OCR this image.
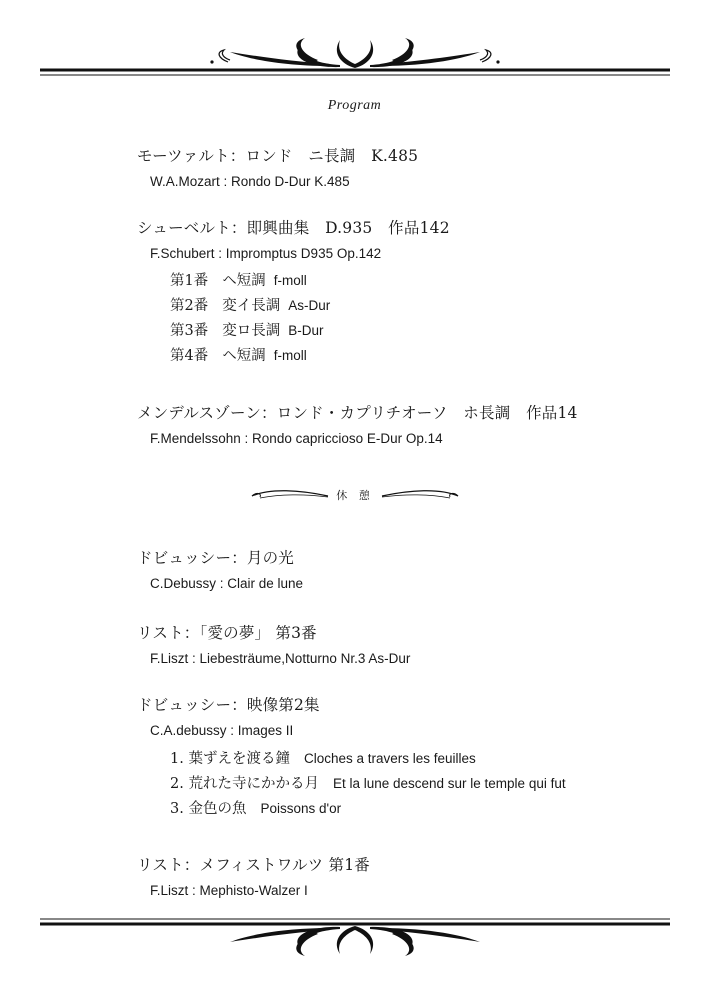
Program
モーツァルト：ロンド　ニ長調　K.485
W.A.Mozart : Rondo D-Dur K.485
シューベルト：即興曲集　D.935　作品142
F.Schubert : Impromptus D935 Op.142
第1番 ヘ短調 f-moll
第2番 変イ長調 As-Dur
第3番 変ロ長調 B-Dur
第4番 ヘ短調 f-moll
メンデルスゾーン：ロンド・カプリチオーソ　ホ長調　作品14
F.Mendelssohn : Rondo capriccioso E-Dur Op.14
休 憩
ドビュッシー：月の光
C.Debussy : Clair de lune
リスト：「愛の夢」 第3番
F.Liszt : Liebesträume,Notturno Nr.3 As-Dur
ドビュッシー：映像第2集
C.A.debussy : Images II
1. 葉ずえを渡る鐘 Cloches a travers les feuilles
2. 荒れた寺にかかる月 Et la lune descend sur le temple qui fut
3. 金色の魚 Poissons d'or
リスト：メフィストワルツ 第1番
F.Liszt : Mephisto-Walzer I
